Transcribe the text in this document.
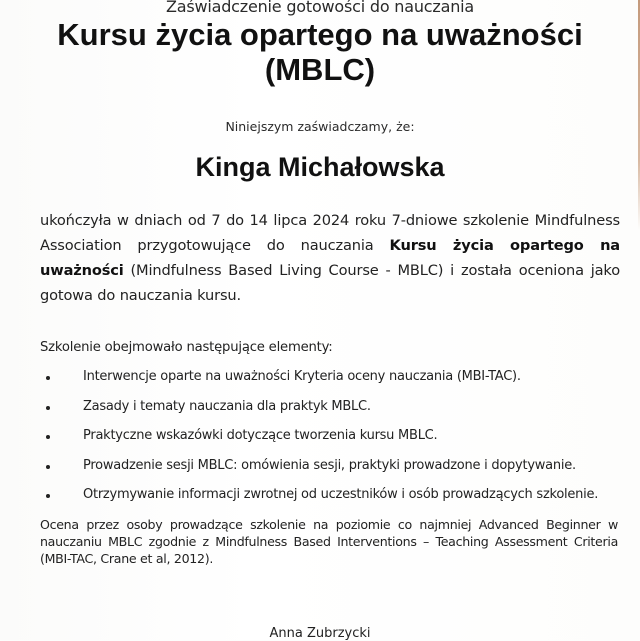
Zaświadczenie gotowości do nauczania
Kursu życia opartego na uważności
(MBLC)
Niniejszym zaświadczamy, że:
Kinga Michałowska
ukończyła w dniach od 7 do 14 lipca 2024 roku 7-dniowe szkolenie Mindfulness Association przygotowujące do nauczania Kursu życia opartego na uważności (Mindfulness Based Living Course - MBLC) i została oceniona jako gotowa do nauczania kursu.
Szkolenie obejmowało następujące elementy:
Interwencje oparte na uważności Kryteria oceny nauczania (MBI-TAC).
Zasady i tematy nauczania dla praktyk MBLC.
Praktyczne wskazówki dotyczące tworzenia kursu MBLC.
Prowadzenie sesji MBLC: omówienia sesji, praktyki prowadzone i dopytywanie.
Otrzymywanie informacji zwrotnej od uczestników i osób prowadzących szkolenie.
Ocena przez osoby prowadzące szkolenie na poziomie co najmniej Advanced Beginner w nauczaniu MBLC zgodnie z Mindfulness Based Interventions – Teaching Assessment Criteria (MBI-TAC, Crane et al, 2012).
Anna Zubrzycki
